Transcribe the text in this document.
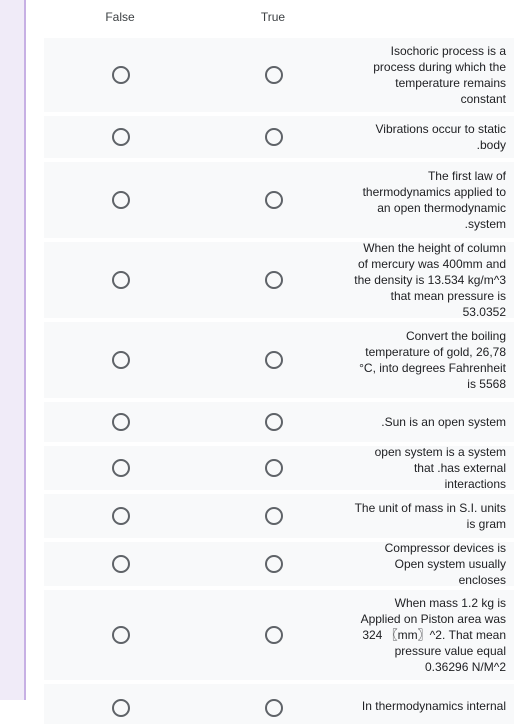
False	True
Isochoric process is a process during which the temperature remains constant
Vibrations occur to static .body
The first law of thermodynamics applied to an open thermodynamic .system
When the height of column of mercury was 400mm and the density is 13.534 kg/m^3 that mean pressure is 53.0352
Convert the boiling temperature of gold, 26,78 °C, into degrees Fahrenheit is 5568
.Sun is an open system
open system is a system that .has external interactions
The unit of mass in S.I. units is gram
Compressor devices is Open system usually encloses
When mass 1.2 kg is Applied on Piston area was 324 〖mm〗^2. That mean pressure value equal 0.36296 N/M^2
In thermodynamics internal
